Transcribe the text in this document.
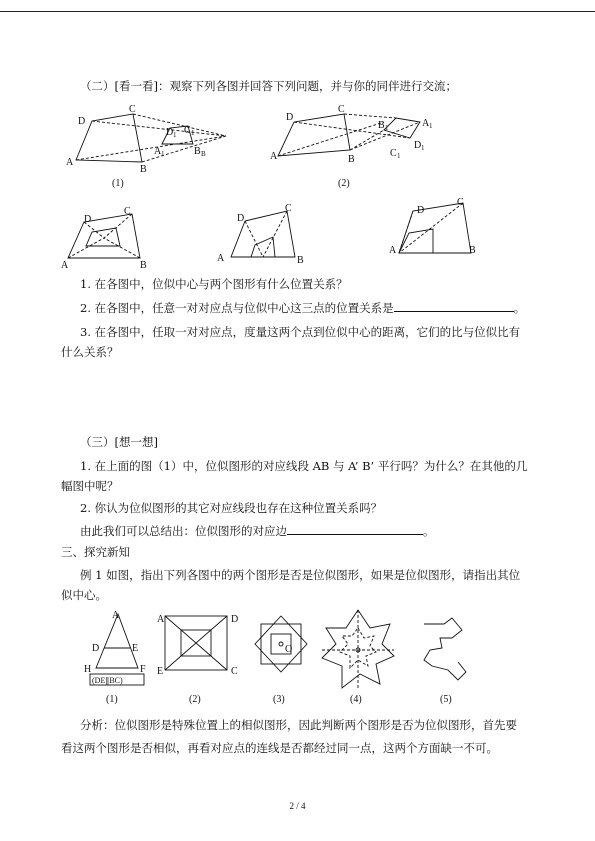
（二）[看一看]：观察下列各图并回答下列问题，并与你的同伴进行交流；
A
D
C
B
A 1
D 1 C 1
B B
(1)
A
D
C
B
B 1	A 1
C 1
D 1
(2)
A
D
C
B
A
D
C
B
A
D
C
B
1. 在各图中，位似中心与两个图形有什么位置关系？
2. 在各图中，任意一对对应点与位似中心这三点的位置关系是	。
3. 在各图中，任取一对对应点，度量这两个点到位似中心的距离，它们的比与位似比有
什么关系？
（三）[想一想]
1. 在上面的图（1）中，位似图形的对应线段 AB 与 A’ B’ 平行吗？为什么？在其他的几
幅图中呢？
2. 你认为位似图形的其它对应线段也存在这种位置关系吗？
由此我们可以总结出：位似图形的对应边	。
三、探究新知
例 1 如图，指出下列各图中的两个图形是否是位似图形，如果是位似图形，请指出其位
似中心。
A
D	E
H	F
(DE∥BC)
(1)
A	D
E	C
(2)
O
(3)	(4)	(5)
分析：位似图形是特殊位置上的相似图形，因此判断两个图形是否为位似图形，首先要
看这两个图形是否相似，再看对应点的连线是否都经过同一点，这两个方面缺一不可。
2 / 4
